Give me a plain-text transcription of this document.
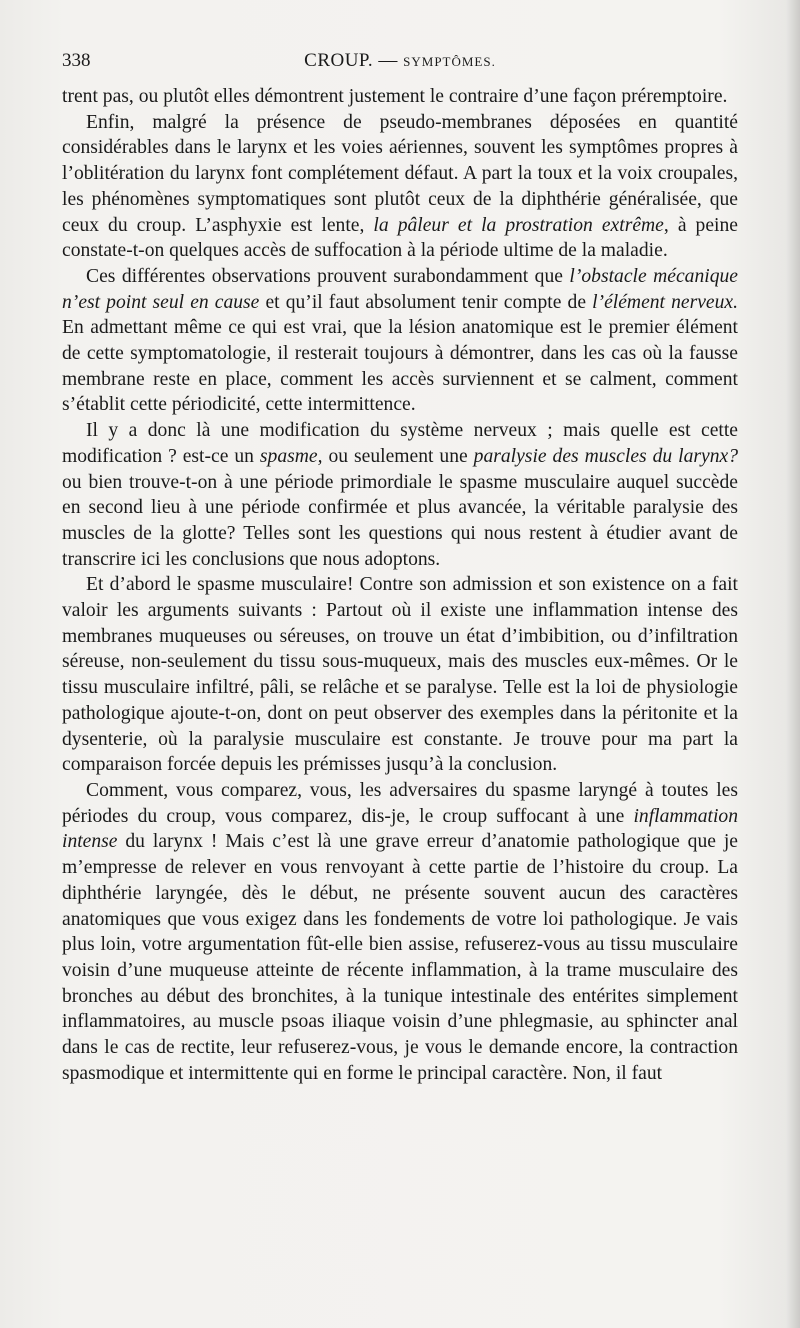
338	CROUP. — SYMPTÔMES.

trent pas, ou plutôt elles démontrent justement le contraire d’une façon préremptoire.

Enfin, malgré la présence de pseudo-membranes déposées en quantité considérables dans le larynx et les voies aériennes, souvent les symptômes propres à l’oblitération du larynx font complétement défaut. A part la toux et la voix croupales, les phénomènes symptomatiques sont plutôt ceux de la diphthérie généralisée, que ceux du croup. L’asphyxie est lente, la pâleur et la prostration extrême, à peine constate-t-on quelques accès de suffocation à la période ultime de la maladie.

Ces différentes observations prouvent surabondamment que l’obstacle mécanique n’est point seul en cause et qu’il faut absolument tenir compte de l’élément nerveux. En admettant même ce qui est vrai, que la lésion anatomique est le premier élément de cette symptomatologie, il resterait toujours à démontrer, dans les cas où la fausse membrane reste en place, comment les accès surviennent et se calment, comment s’établit cette périodicité, cette intermittence.

Il y a donc là une modification du système nerveux ; mais quelle est cette modification ? est-ce un spasme, ou seulement une paralysie des muscles du larynx? ou bien trouve-t-on à une période primordiale le spasme musculaire auquel succède en second lieu à une période confirmée et plus avancée, la véritable paralysie des muscles de la glotte? Telles sont les questions qui nous restent à étudier avant de transcrire ici les conclusions que nous adoptons.

Et d’abord le spasme musculaire! Contre son admission et son existence on a fait valoir les arguments suivants : Partout où il existe une inflammation intense des membranes muqueuses ou séreuses, on trouve un état d’imbibition, ou d’infiltration séreuse, non-seulement du tissu sous-muqueux, mais des muscles eux-mêmes. Or le tissu musculaire infiltré, pâli, se relâche et se paralyse. Telle est la loi de physiologie pathologique ajoute-t-on, dont on peut observer des exemples dans la péritonite et la dysenterie, où la paralysie musculaire est constante. Je trouve pour ma part la comparaison forcée depuis les prémisses jusqu’à la conclusion.

Comment, vous comparez, vous, les adversaires du spasme laryngé à toutes les périodes du croup, vous comparez, dis-je, le croup suffocant à une inflammation intense du larynx ! Mais c’est là une grave erreur d’anatomie pathologique que je m’empresse de relever en vous renvoyant à cette partie de l’histoire du croup. La diphthérie laryngée, dès le début, ne présente souvent aucun des caractères anatomiques que vous exigez dans les fondements de votre loi pathologique. Je vais plus loin, votre argumentation fût-elle bien assise, refuserez-vous au tissu musculaire voisin d’une muqueuse atteinte de récente inflammation, à la trame musculaire des bronches au début des bronchites, à la tunique intestinale des entérites simplement inflammatoires, au muscle psoas iliaque voisin d’une phlegmasie, au sphincter anal dans le cas de rectite, leur refuserez-vous, je vous le demande encore, la contraction spasmodique et intermittente qui en forme le principal caractère. Non, il faut
